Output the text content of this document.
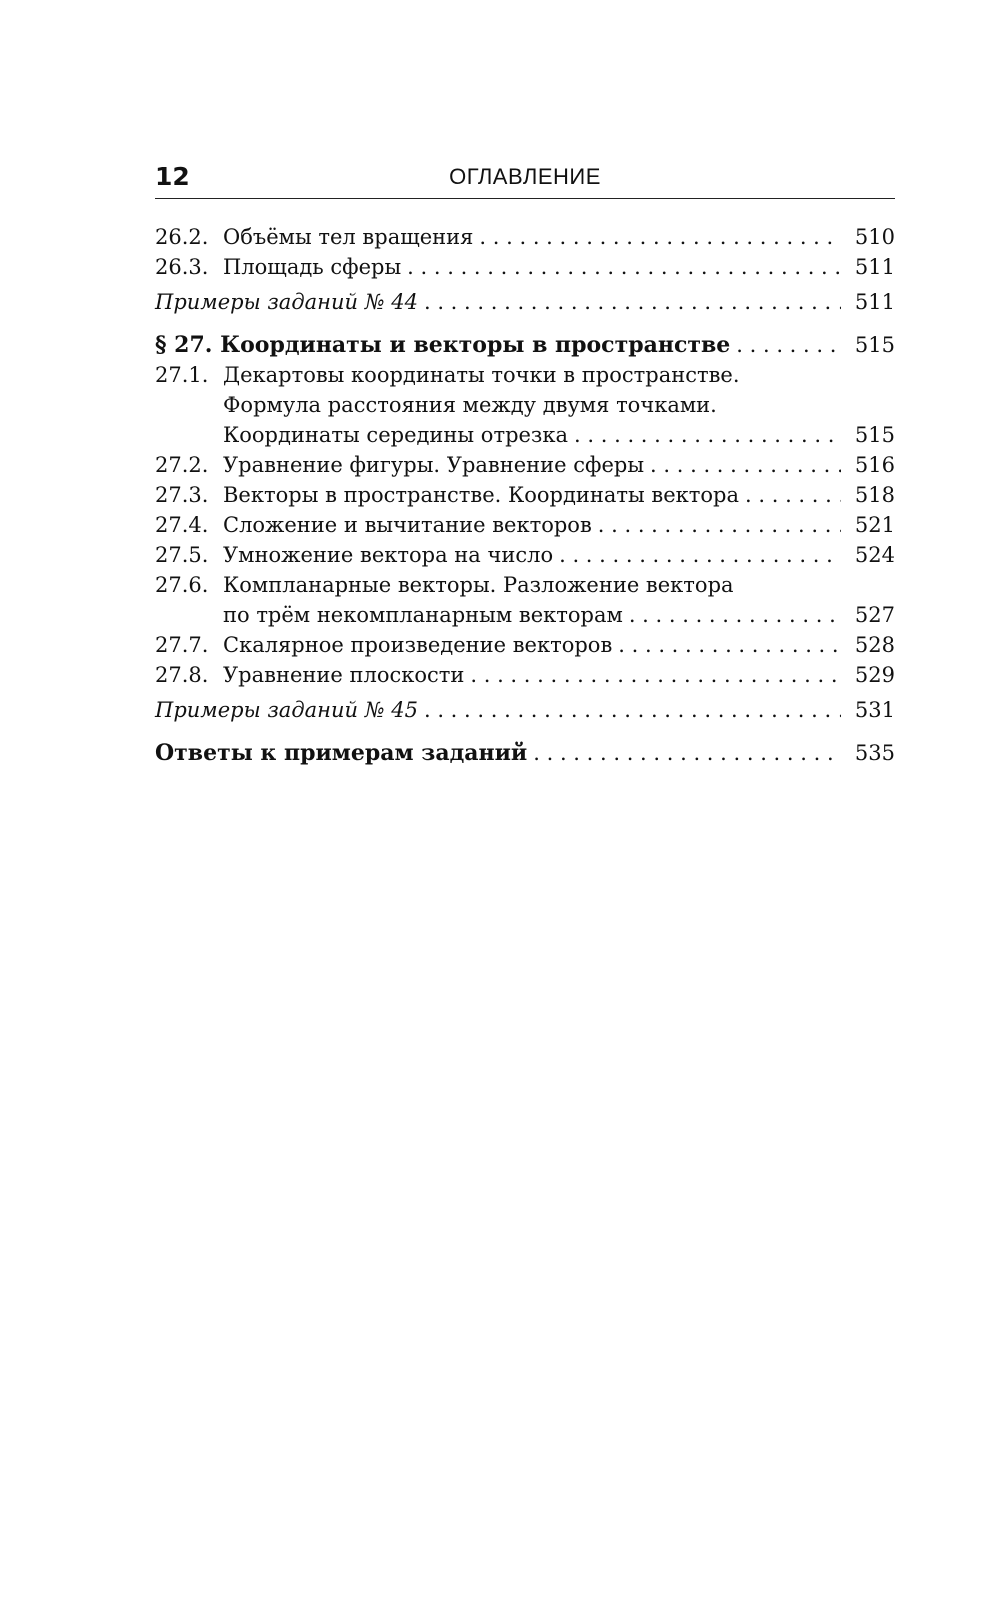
12	ОГЛАВЛЕНИЕ
26.2. Объёмы тел вращения . . .	510
26.3. Площадь сферы . . .	511
Примеры заданий № 44 . . .	511
§ 27. Координаты и векторы в пространстве . . .	515
27.1. Декартовы координаты точки в пространстве.
Формула расстояния между двумя точками.
Координаты середины отрезка . . .	515
27.2. Уравнение фигуры. Уравнение сферы . . .	516
27.3. Векторы в пространстве. Координаты вектора . . .	518
27.4. Сложение и вычитание векторов . . .	521
27.5. Умножение вектора на число . . .	524
27.6. Компланарные векторы. Разложение вектора
по трём некомпланарным векторам . . .	527
27.7. Скалярное произведение векторов . . .	528
27.8. Уравнение плоскости . . .	529
Примеры заданий № 45 . . .	531
Ответы к примерам заданий . . .	535
